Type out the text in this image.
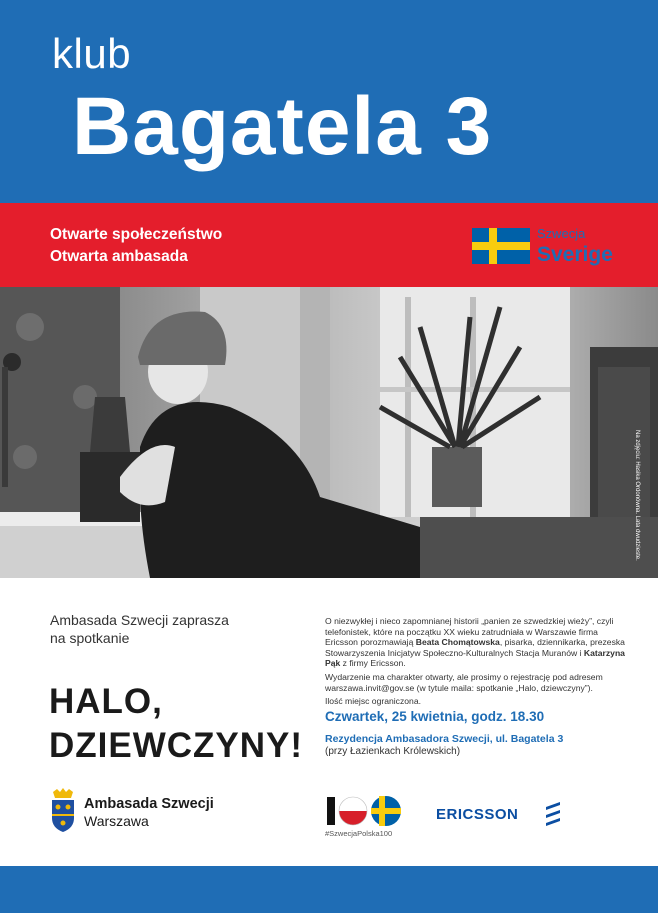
klub
Bagatela 3
Otwarte społeczeństwo
Otwarta ambasada
Szwecja
Sverige
Na zdjęciu: Hasika Ordonówna. Lata dwudzieste.
Ambasada Szwecji zaprasza
na spotkanie
HALO,
DZIEWCZYNY!

O niezwykłej i nieco zapomnianej historii „panien ze szwedzkiej wieży”, czyli telefonistek, które na początku XX wieku zatrudniała w Warszawie firma Ericsson porozmawiają Beata Chomątowska, pisarka, dziennikarka, prezeska Stowarzyszenia Inicjatyw Społeczno-Kulturalnych Stacja Muranów i Katarzyna Pąk z firmy Ericsson.

Wydarzenie ma charakter otwarty, ale prosimy o rejestrację pod adresem warszawa.invit@gov.se (w tytule maila: spotkanie „Halo, dziewczyny”).

Ilość miejsc ograniczona.

Czwartek, 25 kwietnia, godz. 18.30
Rezydencja Ambasadora Szwecji, ul. Bagatela 3
(przy Łazienkach Królewskich)
Ambasada Szwecji
Warszawa
#SzwecjaPolska100
ERICSSON
